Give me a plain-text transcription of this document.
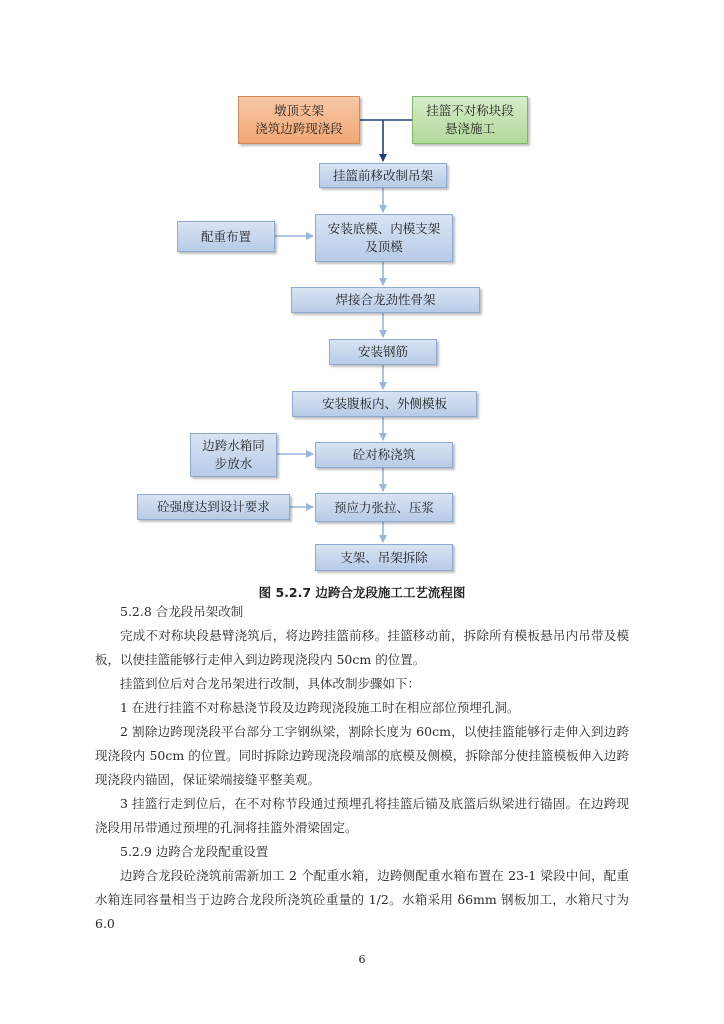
墩顶支架
浇筑边跨现浇段
挂篮不对称块段
悬浇施工
挂篮前移改制吊架
配重布置	安装底模、内模支架
及顶模
焊接合龙劲性骨架
安装钢筋
安装腹板内、外侧模板
边跨水箱同
步放水
砼对称浇筑
砼强度达到设计要求	预应力张拉、压浆
支架、吊架拆除
图 5.2.7 边跨合龙段施工工艺流程图

5.2.8 合龙段吊架改制

完成不对称块段悬臂浇筑后，将边跨挂篮前移。挂篮移动前，拆除所有模板悬吊内吊带及模板，以使挂篮能够行走伸入到边跨现浇段内 50cm 的位置。

挂篮到位后对合龙吊架进行改制，具体改制步骤如下：

1 在进行挂篮不对称悬浇节段及边跨现浇段施工时在相应部位预埋孔洞。

2 割除边跨现浇段平台部分工字钢纵梁，割除长度为 60cm，以使挂篮能够行走伸入到边跨现浇段内 50cm 的位置。同时拆除边跨现浇段端部的底模及侧模，拆除部分使挂篮模板伸入边跨现浇段内锚固，保证梁端接缝平整美观。

3 挂篮行走到位后，在不对称节段通过预埋孔将挂篮后锚及底篮后纵梁进行锚固。在边跨现浇段用吊带通过预埋的孔洞将挂篮外滑梁固定。

5.2.9 边跨合龙段配重设置

边跨合龙段砼浇筑前需新加工 2 个配重水箱，边跨侧配重水箱布置在 23-1 梁段中间，配重水箱连同容量相当于边跨合龙段所浇筑砼重量的 1/2。水箱采用 δ6mm 钢板加工，水箱尺寸为 6.0

6
